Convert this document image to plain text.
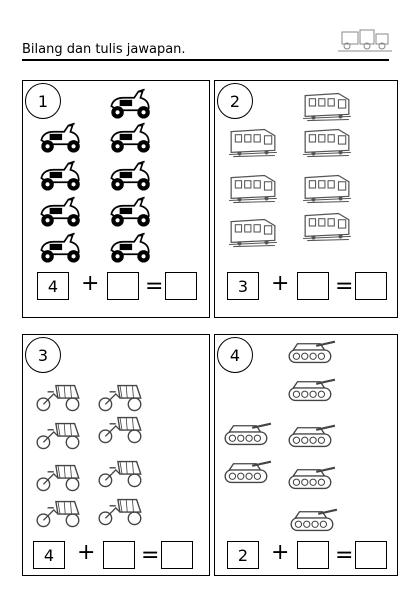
Bilang dan tulis jawapan.
1
4	+ =
2
3	+ =
3
4	+ =
4
2	+ =
